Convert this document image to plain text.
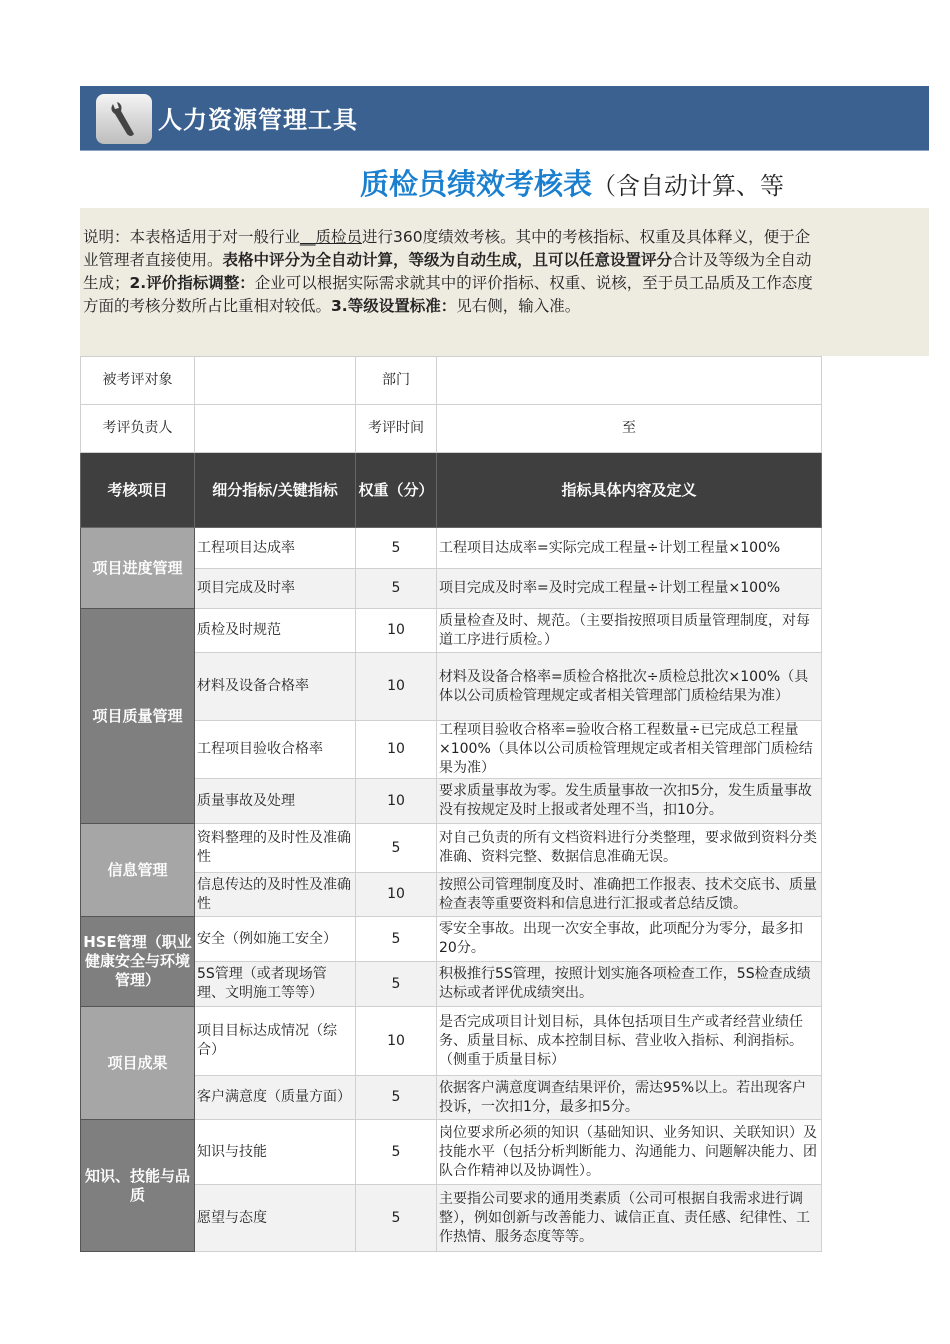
人力资源管理工具
质检员绩效考核表（含自动计算、等

说明：本表格适用于对一般行业__质检员进行360度绩效考核。其中的考核指标、权重及具体释义，便于企业管理者直接使用。表格中评分为全自动计算，等级为自动生成，且可以任意设置评分合计及等级为全自动生成；2.评价指标调整：企业可以根据实际需求就其中的评价指标、权重、说核，至于员工品质及工作态度方面的考核分数所占比重相对较低。3.等级设置标准：见右侧，输入准。

被考评对象		部门	
考评负责人		考评时间	至
考核项目	细分指标/关键指标	权重（分）	指标具体内容及定义
项目进度管理	工程项目达成率	5	工程项目达成率=实际完成工程量÷计划工程量×100%
	项目完成及时率	5	项目完成及时率=及时完成工程量÷计划工程量×100%
项目质量管理	质检及时规范	10	质量检查及时、规范。（主要指按照项目质量管理制度，对每道工序进行质检。）
	材料及设备合格率	10	材料及设备合格率=质检合格批次÷质检总批次×100%（具体以公司质检管理规定或者相关管理部门质检结果为准）
	工程项目验收合格率	10	工程项目验收合格率=验收合格工程数量÷已完成总工程量×100%（具体以公司质检管理规定或者相关管理部门质检结果为准）
	质量事故及处理	10	要求质量事故为零。发生质量事故一次扣5分，发生质量事故没有按规定及时上报或者处理不当，扣10分。
信息管理	资料整理的及时性及准确性	5	对自己负责的所有文档资料进行分类整理，要求做到资料分类准确、资料完整、数据信息准确无误。
	信息传达的及时性及准确性	10	按照公司管理制度及时、准确把工作报表、技术交底书、质量检查表等重要资料和信息进行汇报或者总结反馈。
HSE管理（职业健康安全与环境管理）	安全（例如施工安全）	5	零安全事故。出现一次安全事故，此项配分为零分，最多扣20分。
	5S管理（或者现场管理、文明施工等等）	5	积极推行5S管理，按照计划实施各项检查工作，5S检查成绩达标或者评优成绩突出。
项目成果	项目目标达成情况（综合）	10	是否完成项目计划目标，具体包括项目生产或者经营业绩任务、质量目标、成本控制目标、营业收入指标、利润指标。（侧重于质量目标）
	客户满意度（质量方面）	5	依据客户满意度调查结果评价，需达95%以上。若出现客户投诉，一次扣1分，最多扣5分。
知识、技能与品质	知识与技能	5	岗位要求所必须的知识（基础知识、业务知识、关联知识）及技能水平（包括分析判断能力、沟通能力、问题解决能力、团队合作精神以及协调性）。
	愿望与态度	5	主要指公司要求的通用类素质（公司可根据自我需求进行调整），例如创新与改善能力、诚信正直、责任感、纪律性、工作热情、服务态度等等。
